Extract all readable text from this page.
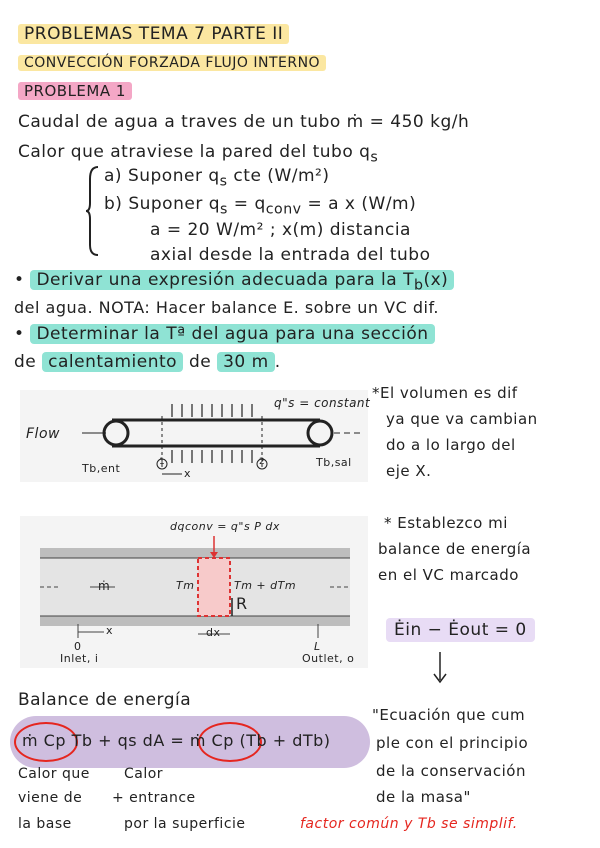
PROBLEMAS TEMA 7 PARTE II
CONVECCIÓN FORZADA FLUJO INTERNO
PROBLEMA 1
Caudal de agua a traves de un tubo ṁ = 450 kg/h
Calor que atraviese la pared del tubo $q_s$
a) Suponer $q_s$ cte (W/m²)
b) Suponer $q_s = q_{conv} = a$ x (W/m)
a = 20 W/m² ; x(m) distancia
axial desde la entrada del tubo
• Derivar una expresión adecuada para la $T_b(x)$
del agua. NOTA: Hacer balance E. sobre un VC dif.
• Determinar la Tª del agua para una sección
de calentamiento de 30 m .
Flow
q"s = constant
Tb,ent	Tb,sal
1	2
x
*El volumen es dif
ya que va cambian
do a lo largo del
eje X.
dqconv = q"s P dx
ṁ	Tm	Tm + dTm
R
x	dx
0
Inlet, i
L
Outlet, o
* Establezco mi
balance de energía
en el VC marcado
Ėin − Ėout = 0
Balance de energía
ṁ Cp Tb + qs dA = ṁ Cp (Tb + dTb)
Calor que Calor
viene de + entrance
la base	por la superficie	factor común y Tb se simplif.
"Ecuación que cum
ple con el principio
de la conservación
de la masa"
